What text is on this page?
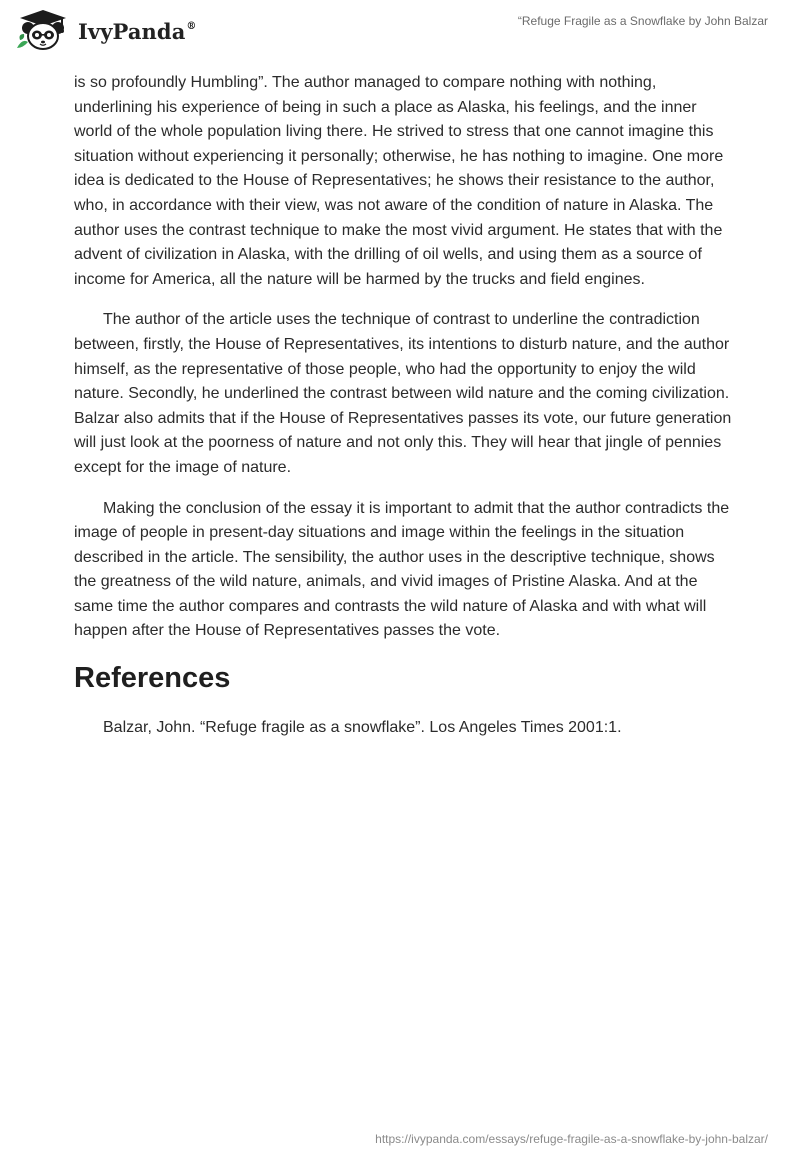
IvyPanda®	“Refuge Fragile as a Snowflake by John Balzar

is so profoundly Humbling”. The author managed to compare nothing with nothing, underlining his experience of being in such a place as Alaska, his feelings, and the inner world of the whole population living there. He strived to stress that one cannot imagine this situation without experiencing it personally; otherwise, he has nothing to imagine. One more idea is dedicated to the House of Representatives; he shows their resistance to the author, who, in accordance with their view, was not aware of the condition of nature in Alaska. The author uses the contrast technique to make the most vivid argument. He states that with the advent of civilization in Alaska, with the drilling of oil wells, and using them as a source of income for America, all the nature will be harmed by the trucks and field engines.

The author of the article uses the technique of contrast to underline the contradiction between, firstly, the House of Representatives, its intentions to disturb nature, and the author himself, as the representative of those people, who had the opportunity to enjoy the wild nature. Secondly, he underlined the contrast between wild nature and the coming civilization. Balzar also admits that if the House of Representatives passes its vote, our future generation will just look at the poorness of nature and not only this. They will hear that jingle of pennies except for the image of nature.

Making the conclusion of the essay it is important to admit that the author contradicts the image of people in present-day situations and image within the feelings in the situation described in the article. The sensibility, the author uses in the descriptive technique, shows the greatness of the wild nature, animals, and vivid images of Pristine Alaska. And at the same time the author compares and contrasts the wild nature of Alaska and with what will happen after the House of Representatives passes the vote.

References

Balzar, John. “Refuge fragile as a snowflake”. Los Angeles Times 2001:1.

https://ivypanda.com/essays/refuge-fragile-as-a-snowflake-by-john-balzar/
